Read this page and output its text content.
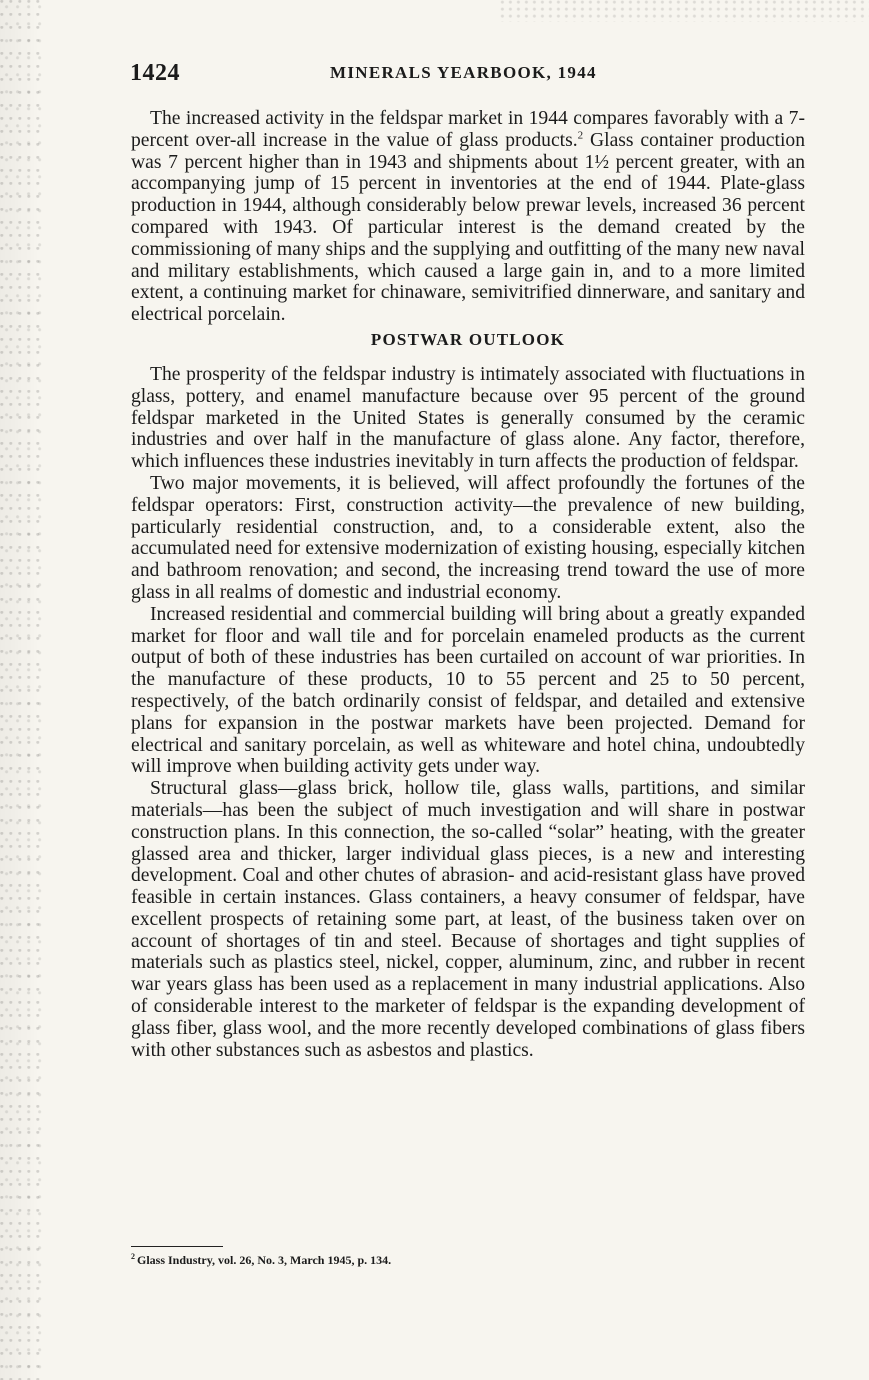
1424	MINERALS YEARBOOK, 1944

The increased activity in the feldspar market in 1944 compares favorably with a 7-percent over-all increase in the value of glass products.$^2$ Glass container production was 7 percent higher than in 1943 and shipments about 1½ percent greater, with an accompanying jump of 15 percent in inventories at the end of 1944. Plate-glass production in 1944, although considerably below prewar levels, increased 36 percent compared with 1943. Of particular interest is the demand created by the commissioning of many ships and the supplying and outfitting of the many new naval and military establishments, which caused a large gain in, and to a more limited extent, a continuing market for chinaware, semivitrified dinnerware, and sanitary and electrical porcelain.

POSTWAR OUTLOOK

The prosperity of the feldspar industry is intimately associated with fluctuations in glass, pottery, and enamel manufacture because over 95 percent of the ground feldspar marketed in the United States is generally consumed by the ceramic industries and over half in the manufacture of glass alone. Any factor, therefore, which influences these industries inevitably in turn affects the production of feldspar.

Two major movements, it is believed, will affect profoundly the fortunes of the feldspar operators: First, construction activity—the prevalence of new building, particularly residential construction, and, to a considerable extent, also the accumulated need for extensive modernization of existing housing, especially kitchen and bathroom renovation; and second, the increasing trend toward the use of more glass in all realms of domestic and industrial economy.

Increased residential and commercial building will bring about a greatly expanded market for floor and wall tile and for porcelain enameled products as the current output of both of these industries has been curtailed on account of war priorities. In the manufacture of these products, 10 to 55 percent and 25 to 50 percent, respectively, of the batch ordinarily consist of feldspar, and detailed and extensive plans for expansion in the postwar markets have been projected. Demand for electrical and sanitary porcelain, as well as whiteware and hotel china, undoubtedly will improve when building activity gets under way.

Structural glass—glass brick, hollow tile, glass walls, partitions, and similar materials—has been the subject of much investigation and will share in postwar construction plans. In this connection, the so-called “solar” heating, with the greater glassed area and thicker, larger individual glass pieces, is a new and interesting development. Coal and other chutes of abrasion- and acid-resistant glass have proved feasible in certain instances. Glass containers, a heavy consumer of feldspar, have excellent prospects of retaining some part, at least, of the business taken over on account of shortages of tin and steel. Because of shortages and tight supplies of materials such as plastics steel, nickel, copper, aluminum, zinc, and rubber in recent war years glass has been used as a replacement in many industrial applications. Also of considerable interest to the marketer of feldspar is the expanding development of glass fiber, glass wool, and the more recently developed combinations of glass fibers with other substances such as asbestos and plastics.

$^2$ Glass Industry, vol. 26, No. 3, March 1945, p. 134.
